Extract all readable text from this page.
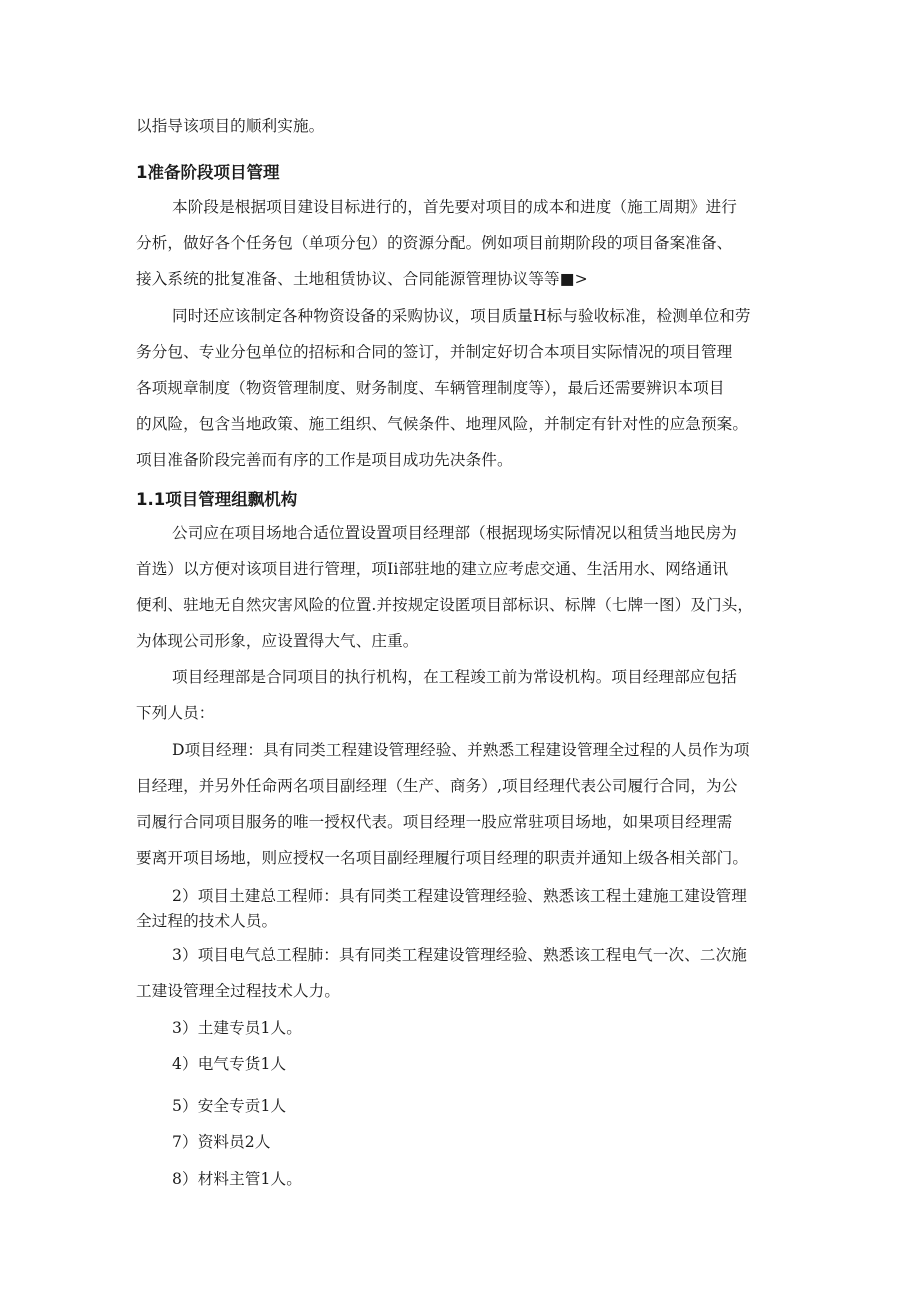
以指导该项目的顺利实施。
1准备阶段项目管理
本阶段是根据项目建设目标进行的，首先要对项目的成本和进度（施工周期》进行
分析，做好各个任务包（单项分包）的资源分配。例如项目前期阶段的项目备案准备、
接入系统的批复准备、土地租赁协议、合同能源管理协议等等■>
同时还应该制定各种物资设备的采购协议，项目质量H标与验收标准，检测单位和劳
务分包、专业分包单位的招标和合同的签订，并制定好切合本项目实际情况的项目管理
各项规章制度（物资管理制度、财务制度、车辆管理制度等），最后还需要辨识本项目
的风险，包含当地政策、施工组织、气候条件、地理风险，并制定有针对性的应急预案。
项目准备阶段完善而有序的工作是项目成功先决条件。
1.1项目管理组飘机构
公司应在项目场地合适位置设置项目经理部（根据现场实际情况以租赁当地民房为
首选）以方便对该项目进行管理，项Ii部驻地的建立应考虑交通、生活用水、网络通讯
便利、驻地无自然灾害风险的位置.并按规定设匿项目部标识、标牌（七牌一图）及门头，
为体现公司形象，应设置得大气、庄重。
项目经理部是合同项目的执行机构，在工程竣工前为常设机构。项目经理部应包括
下列人员：
D项目经理：具有同类工程建设管理经验、并熟悉工程建设管理全过程的人员作为项
目经理，并另外任命两名项目副经理（生产、商务）,项目经理代表公司履行合同，为公
司履行合同项目服务的唯一授权代表。项目经理一股应常驻项目场地，如果项目经理需
要离开项目场地，则应授权一名项目副经理履行项目经理的职责并通知上级各相关部门。
2）项目土建总工程师：具有同类工程建设管理经验、熟悉该工程土建施工建设管理
全过程的技术人员。
3）项目电气总工程肺：具有同类工程建设管理经验、熟悉该工程电气一次、二次施
工建设管理全过程技术人力。
3）土建专员1人。
4）电气专货1人
5）安全专贡1人
7）资料员2人
8）材料主管1人。
